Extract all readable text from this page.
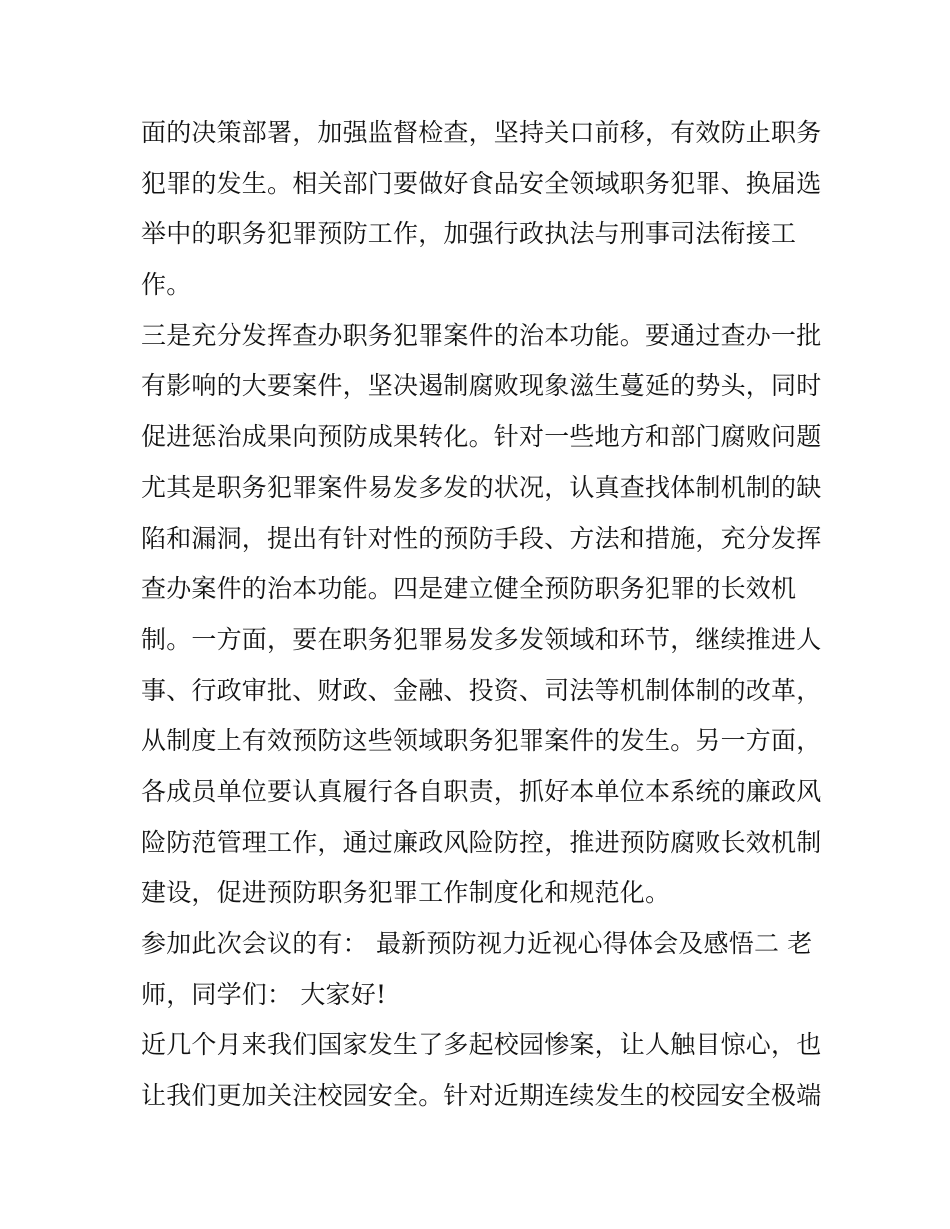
面的决策部署，加强监督检查，坚持关口前移，有效防止职务
犯罪的发生。相关部门要做好食品安全领域职务犯罪、换届选
举中的职务犯罪预防工作，加强行政执法与刑事司法衔接工
作。
三是充分发挥查办职务犯罪案件的治本功能。要通过查办一批
有影响的大要案件，坚决遏制腐败现象滋生蔓延的势头，同时
促进惩治成果向预防成果转化。针对一些地方和部门腐败问题
尤其是职务犯罪案件易发多发的状况，认真查找体制机制的缺
陷和漏洞，提出有针对性的预防手段、方法和措施，充分发挥
查办案件的治本功能。四是建立健全预防职务犯罪的长效机
制。一方面，要在职务犯罪易发多发领域和环节，继续推进人
事、行政审批、财政、金融、投资、司法等机制体制的改革，
从制度上有效预防这些领域职务犯罪案件的发生。另一方面，
各成员单位要认真履行各自职责，抓好本单位本系统的廉政风
险防范管理工作，通过廉政风险防控，推进预防腐败长效机制
建设，促进预防职务犯罪工作制度化和规范化。
参加此次会议的有： 最新预防视力近视心得体会及感悟二 老
师，同学们： 大家好!
近几个月来我们国家发生了多起校园惨案，让人触目惊心，也
让我们更加关注校园安全。针对近期连续发生的校园安全极端
